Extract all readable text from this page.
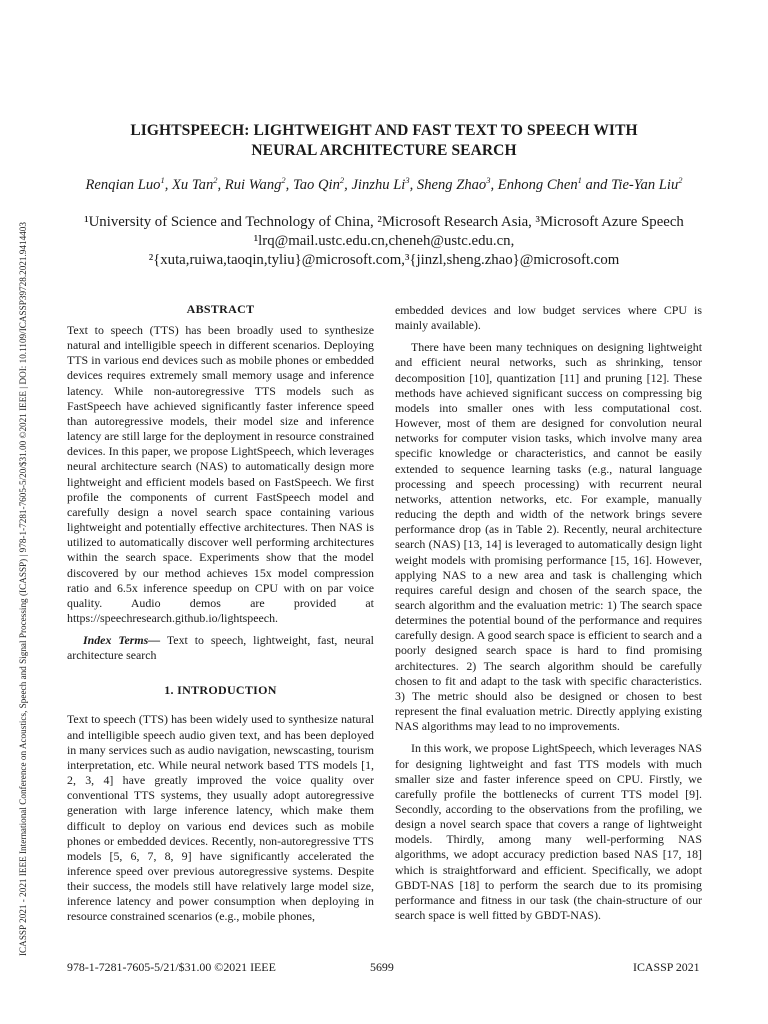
ICASSP 2021 - 2021 IEEE International Conference on Acoustics, Speech and Signal Processing (ICASSP) | 978-1-7281-7605-5/20/$31.00 ©2021 IEEE | DOI: 10.1109/ICASSP39728.2021.9414403
LIGHTSPEECH: LIGHTWEIGHT AND FAST TEXT TO SPEECH WITH
NEURAL ARCHITECTURE SEARCH
Renqian Luo$^1$, Xu Tan$^2$, Rui Wang$^2$, Tao Qin$^2$, Jinzhu Li$^3$, Sheng Zhao$^3$, Enhong Chen$^1$ and Tie-Yan Liu$^2$
¹University of Science and Technology of China, ²Microsoft Research Asia, ³Microsoft Azure Speech
¹lrq@mail.ustc.edu.cn,cheneh@ustc.edu.cn,
²{xuta,ruiwa,taoqin,tyliu}@microsoft.com,³{jinzl,sheng.zhao}@microsoft.com
ABSTRACT

Text to speech (TTS) has been broadly used to synthesize natural and intelligible speech in different scenarios. Deploying TTS in various end devices such as mobile phones or embedded devices requires extremely small memory usage and inference latency. While non-autoregressive TTS models such as FastSpeech have achieved significantly faster inference speed than autoregressive models, their model size and inference latency are still large for the deployment in resource constrained devices. In this paper, we propose LightSpeech, which leverages neural architecture search (NAS) to automatically design more lightweight and efficient models based on FastSpeech. We first profile the components of current FastSpeech model and carefully design a novel search space containing various lightweight and potentially effective architectures. Then NAS is utilized to automatically discover well performing architectures within the search space. Experiments show that the model discovered by our method achieves 15x model compression ratio and 6.5x inference speedup on CPU with on par voice quality. Audio demos are provided at https://speechresearch.github.io/lightspeech.

Index Terms— Text to speech, lightweight, fast, neural architecture search

1. INTRODUCTION

Text to speech (TTS) has been widely used to synthesize natural and intelligible speech audio given text, and has been deployed in many services such as audio navigation, newscasting, tourism interpretation, etc. While neural network based TTS models [1, 2, 3, 4] have greatly improved the voice quality over conventional TTS systems, they usually adopt autoregressive generation with large inference latency, which make them difficult to deploy on various end devices such as mobile phones or embedded devices. Recently, non-autoregressive TTS models [5, 6, 7, 8, 9] have significantly accelerated the inference speed over previous autoregressive systems. Despite their success, the models still have relatively large model size, inference latency and power consumption when deploying in resource constrained scenarios (e.g., mobile phones,

embedded devices and low budget services where CPU is mainly available).

There have been many techniques on designing lightweight and efficient neural networks, such as shrinking, tensor decomposition [10], quantization [11] and pruning [12]. These methods have achieved significant success on compressing big models into smaller ones with less computational cost. However, most of them are designed for convolution neural networks for computer vision tasks, which involve many area specific knowledge or characteristics, and cannot be easily extended to sequence learning tasks (e.g., natural language processing and speech processing) with recurrent neural networks, attention networks, etc. For example, manually reducing the depth and width of the network brings severe performance drop (as in Table 2). Recently, neural architecture search (NAS) [13, 14] is leveraged to automatically design light weight models with promising performance [15, 16]. However, applying NAS to a new area and task is challenging which requires careful design and chosen of the search space, the search algorithm and the evaluation metric: 1) The search space determines the potential bound of the performance and requires carefully design. A good search space is efficient to search and a poorly designed search space is hard to find promising architectures. 2) The search algorithm should be carefully chosen to fit and adapt to the task with specific characteristics. 3) The metric should also be designed or chosen to best represent the final evaluation metric. Directly applying existing NAS algorithms may lead to no improvements.

In this work, we propose LightSpeech, which leverages NAS for designing lightweight and fast TTS models with much smaller size and faster inference speed on CPU. Firstly, we carefully profile the bottlenecks of current TTS model [9]. Secondly, according to the observations from the profiling, we design a novel search space that covers a range of lightweight models. Thirdly, among many well-performing NAS algorithms, we adopt accuracy prediction based NAS [17, 18] which is straightforward and efficient. Specifically, we adopt GBDT-NAS [18] to perform the search due to its promising performance and fitness in our task (the chain-structure of our search space is well fitted by GBDT-NAS).

978-1-7281-7605-5/21/$31.00 ©2021 IEEE	5699	ICASSP 2021
